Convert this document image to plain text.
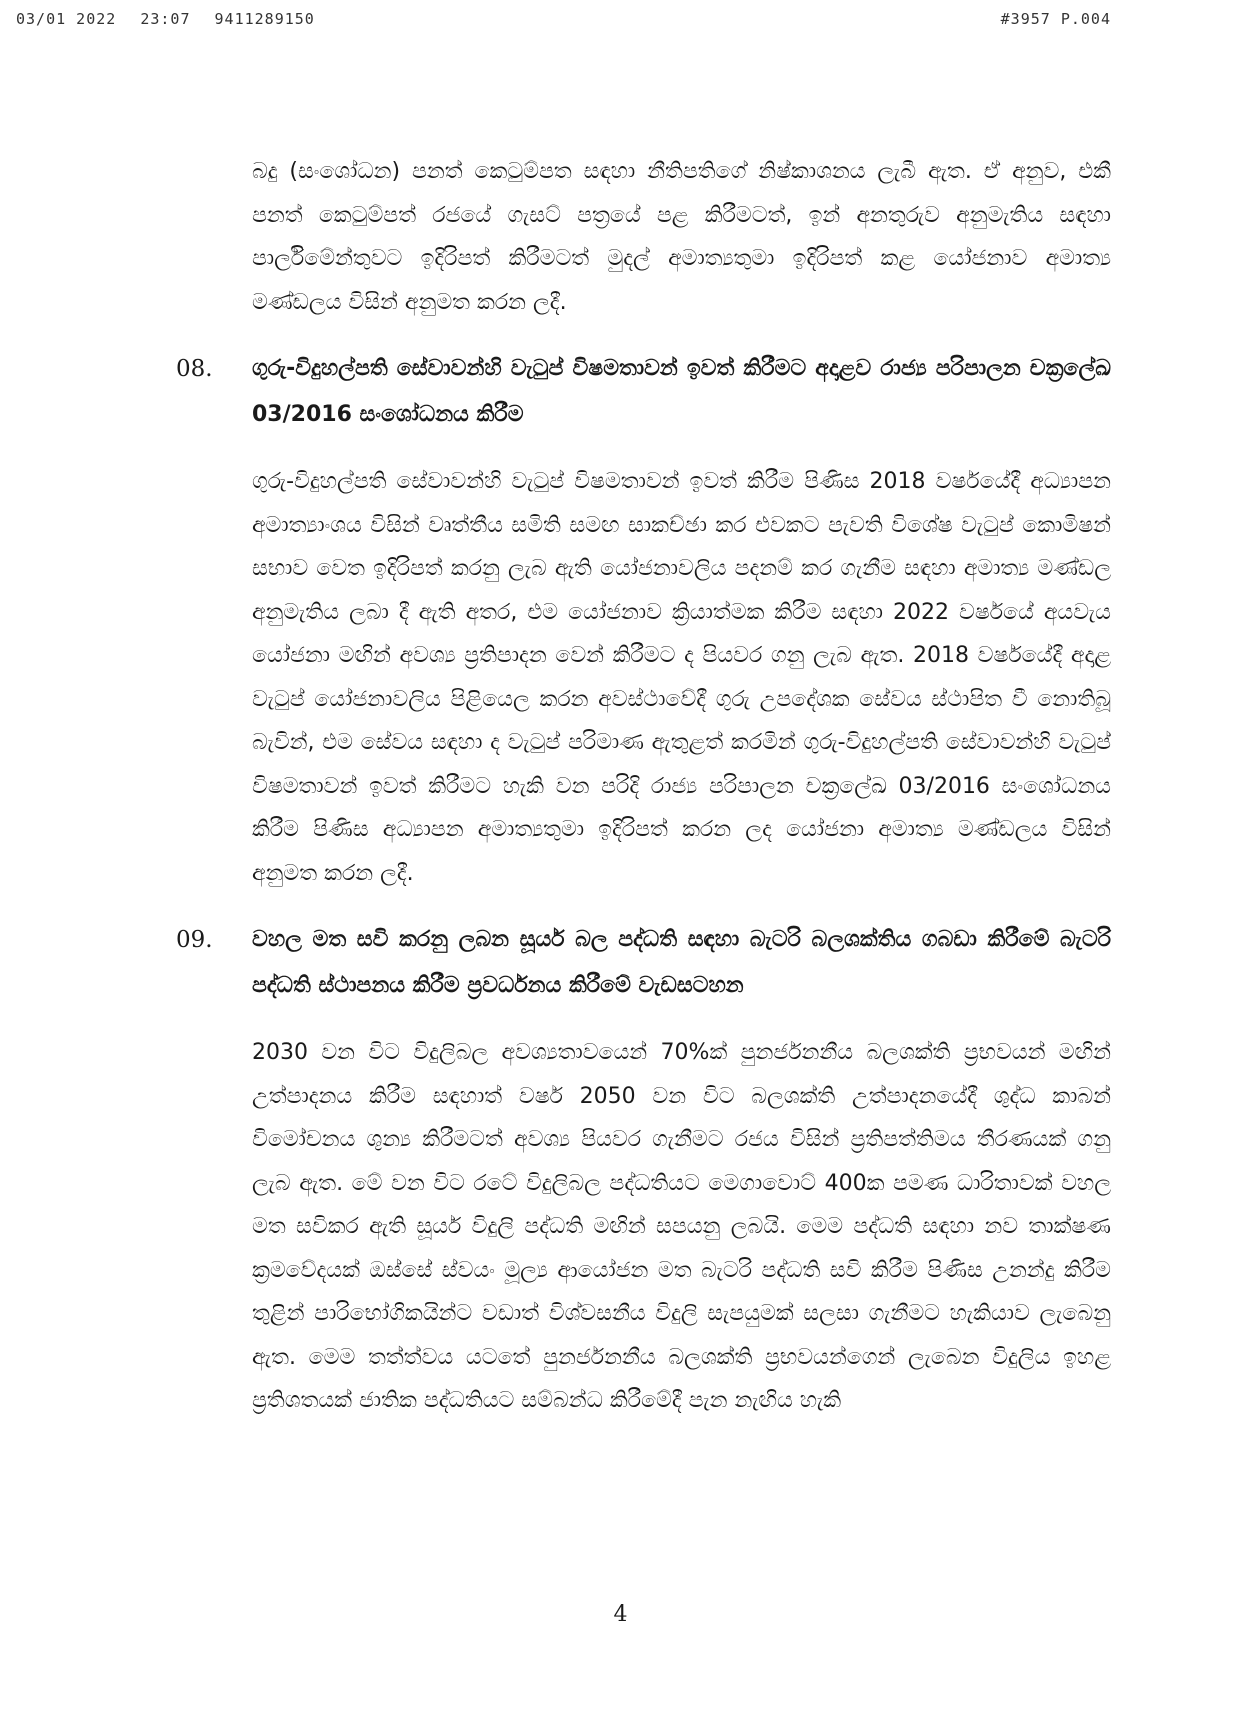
03/01 2022 23:07 9411289150	#3957 P.004

බදු (සංශෝධන) පනත් කෙටුම්පත සඳහා නීතිපතිගේ නිෂ්කාශනය ලැබී ඇත. ඒ අනුව, එකී පනත් කෙටුම්පත් රජයේ ගැසට් පත්‍රයේ පළ කිරීමටත්, ඉන් අනතුරුව අනුමැතිය සඳහා පාර්ලිමේන්තුවට ඉදිරිපත් කිරීමටත් මුදල් අමාත්‍යතුමා ඉදිරිපත් කළ යෝජනාව අමාත්‍ය මණ්ඩලය විසින් අනුමත කරන ලදී.

08. ගුරු-විදුහල්පති සේවාවන්හි වැටුප් විෂමතාවන් ඉවත් කිරීමට අදාළව රාජ්‍ය පරිපාලන චක්‍රලේඛ 03/2016 සංශෝධනය කිරීම

ගුරු-විදුහල්පති සේවාවන්හි වැටුප් විෂමතාවන් ඉවත් කිරීම පිණිස 2018 වර්ෂයේදී අධ්‍යාපන අමාත්‍යාංශය විසින් වෘත්තීය සමිති සමඟ සාකච්ඡා කර එවකට පැවති විශේෂ වැටුප් කොමිෂන් සභාව වෙත ඉදිරිපත් කරනු ලැබ ඇති යෝජනාවලිය පදනම් කර ගැනීම සඳහා අමාත්‍ය මණ්ඩල අනුමැතිය ලබා දී ඇති අතර, එම යෝජනාව ක්‍රියාත්මක කිරීම සඳහා 2022 වර්ෂයේ අයවැය යෝජනා මඟින් අවශ්‍ය ප්‍රතිපාදන වෙන් කිරීමට ද පියවර ගනු ලැබ ඇත. 2018 වර්ෂයේදී අදාළ වැටුප් යෝජනාවලිය පිළියෙල කරන අවස්ථාවේදී ගුරු උපදේශක සේවය ස්ථාපිත වී නොතිබූ බැවින්, එම සේවය සඳහා ද වැටුප් පරිමාණ ඇතුළත් කරමින් ගුරු-විදුහල්පති සේවාවන්හි වැටුප් විෂමතාවන් ඉවත් කිරීමට හැකි වන පරිදි රාජ්‍ය පරිපාලන චක්‍රලේඛ 03/2016 සංශෝධනය කිරීම පිණිස අධ්‍යාපන අමාත්‍යතුමා ඉදිරිපත් කරන ලද යෝජනා අමාත්‍ය මණ්ඩලය විසින් අනුමත කරන ලදී.

09. වහල මත සවි කරනු ලබන සූර්ය බල පද්ධති සඳහා බැටරි බලශක්තිය ගබඩා කිරීමේ බැටරි පද්ධති ස්ථාපනය කිරීම ප්‍රවර්ධනය කිරීමේ වැඩසටහන

2030 වන විට විදුලිබල අවශ්‍යතාවයෙන් 70%ක් පුනර්ජනනීය බලශක්ති ප්‍රභවයන් මඟින් උත්පාදනය කිරීම සඳහාත් වර්ෂ 2050 වන විට බලශක්ති උත්පාදනයේදී ශුද්ධ කාබන් විමෝචනය ශුන්‍ය කිරීමටත් අවශ්‍ය පියවර ගැනීමට රජය විසින් ප්‍රතිපත්තිමය තීරණයක් ගනු ලැබ ඇත. මේ වන විට රටේ විදුලිබල පද්ධතියට මෙගාවොට් 400ක පමණ ධාරිතාවක් වහල මත සවිකර ඇති සූර්ය විදුලි පද්ධති මඟින් සපයනු ලබයි. මෙම පද්ධති සඳහා නව තාක්ෂණ ක්‍රමවේදයක් ඔස්සේ ස්වයං මූල්‍ය ආයෝජන මත බැටරි පද්ධති සවි කිරීම පිණිස උනන්දු කිරීම තුළින් පාරිභෝගිකයින්ට වඩාත් විශ්වසනීය විදුලි සැපයුමක් සලසා ගැනීමට හැකියාව ලැබෙනු ඇත. මෙම තත්ත්වය යටතේ පුනර්ජනනීය බලශක්ති ප්‍රභවයන්ගෙන් ලැබෙන විදුලිය ඉහළ ප්‍රතිශතයක් ජාතික පද්ධතියට සම්බන්ධ කිරීමේදී පැන නැඟිය හැකි

4
